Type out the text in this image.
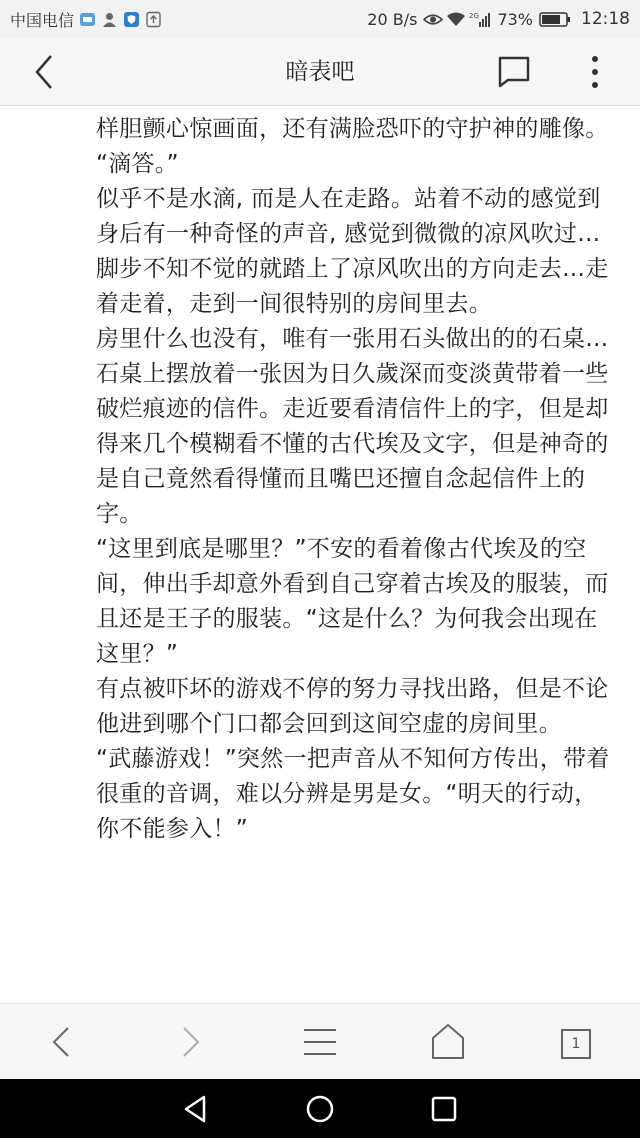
中国电信	20 B/s	2G 73%	12:18
暗表吧

样胆颤心惊画面，还有满脸恐吓的守护神的雕像。

“滴答。”

似乎不是水滴, 而是人在走路。站着不动的感觉到身后有一种奇怪的声音, 感觉到微微的凉风吹过…

脚步不知不觉的就踏上了凉风吹出的方向走去…走着走着，走到一间很特别的房间里去。

房里什么也没有，唯有一张用石头做出的的石桌…石桌上摆放着一张因为日久歲深而变淡黄带着一些破烂痕迹的信件。走近要看清信件上的字，但是却得来几个模糊看不懂的古代埃及文字，但是神奇的是自己竟然看得懂而且嘴巴还擅自念起信件上的字。

“这里到底是哪里？”不安的看着像古代埃及的空间，伸出手却意外看到自己穿着古埃及的服装，而且还是王子的服装。“这是什么？为何我会出现在这里？”

有点被吓坏的游戏不停的努力寻找出路，但是不论他进到哪个门口都会回到这间空虚的房间里。

“武藤游戏！”突然一把声音从不知何方传出，带着很重的音调，难以分辨是男是女。“明天的行动，你不能参入！”

1
